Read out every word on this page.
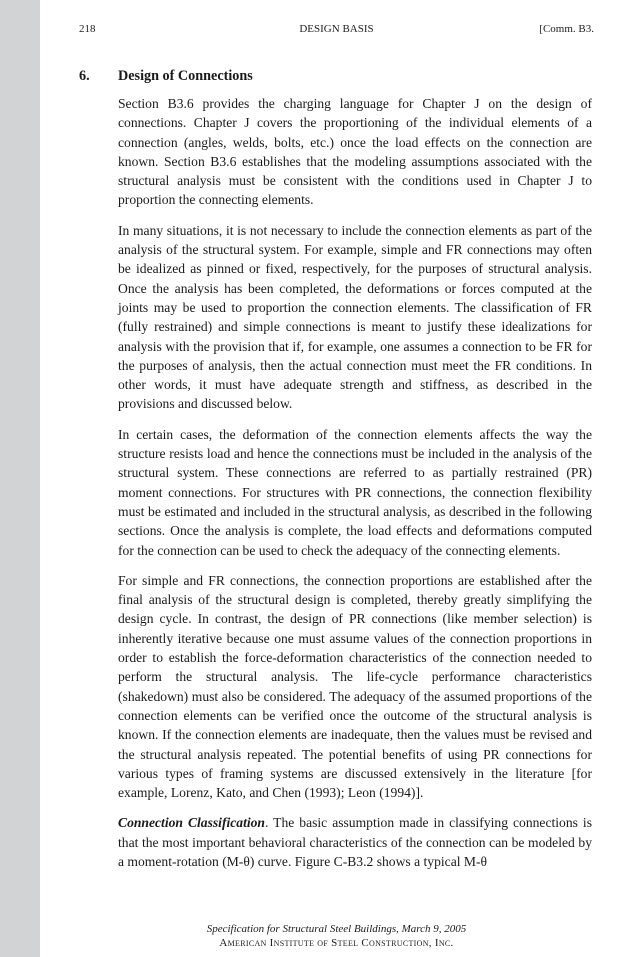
218	DESIGN BASIS	[Comm. B3.
6. Design of Connections

Section B3.6 provides the charging language for Chapter J on the design of connections. Chapter J covers the proportioning of the individual elements of a connection (angles, welds, bolts, etc.) once the load effects on the connection are known. Section B3.6 establishes that the modeling assumptions associated with the structural analysis must be consistent with the conditions used in Chapter J to proportion the connecting elements.

In many situations, it is not necessary to include the connection elements as part of the analysis of the structural system. For example, simple and FR connections may often be idealized as pinned or fixed, respectively, for the purposes of structural analysis. Once the analysis has been completed, the deformations or forces computed at the joints may be used to proportion the connection elements. The classification of FR (fully restrained) and simple connections is meant to justify these idealizations for analysis with the provision that if, for example, one assumes a connection to be FR for the purposes of analysis, then the actual connection must meet the FR conditions. In other words, it must have adequate strength and stiffness, as described in the provisions and discussed below.

In certain cases, the deformation of the connection elements affects the way the structure resists load and hence the connections must be included in the analysis of the structural system. These connections are referred to as partially restrained (PR) moment connections. For structures with PR connections, the connection flexibility must be estimated and included in the structural analysis, as described in the following sections. Once the analysis is complete, the load effects and deformations computed for the connection can be used to check the adequacy of the connecting elements.

For simple and FR connections, the connection proportions are established after the final analysis of the structural design is completed, thereby greatly simplifying the design cycle. In contrast, the design of PR connections (like member selection) is inherently iterative because one must assume values of the connection proportions in order to establish the force-deformation characteristics of the connection needed to perform the structural analysis. The life-cycle performance characteristics (shakedown) must also be considered. The adequacy of the assumed proportions of the connection elements can be verified once the outcome of the structural analysis is known. If the connection elements are inadequate, then the values must be revised and the structural analysis repeated. The potential benefits of using PR connections for various types of framing systems are discussed extensively in the literature [for example, Lorenz, Kato, and Chen (1993); Leon (1994)].

Connection Classification. The basic assumption made in classifying connections is that the most important behavioral characteristics of the connection can be modeled by a moment-rotation (M-θ) curve. Figure C-B3.2 shows a typical M-θ

Specification for Structural Steel Buildings, March 9, 2005
American Institute of Steel Construction, Inc.
